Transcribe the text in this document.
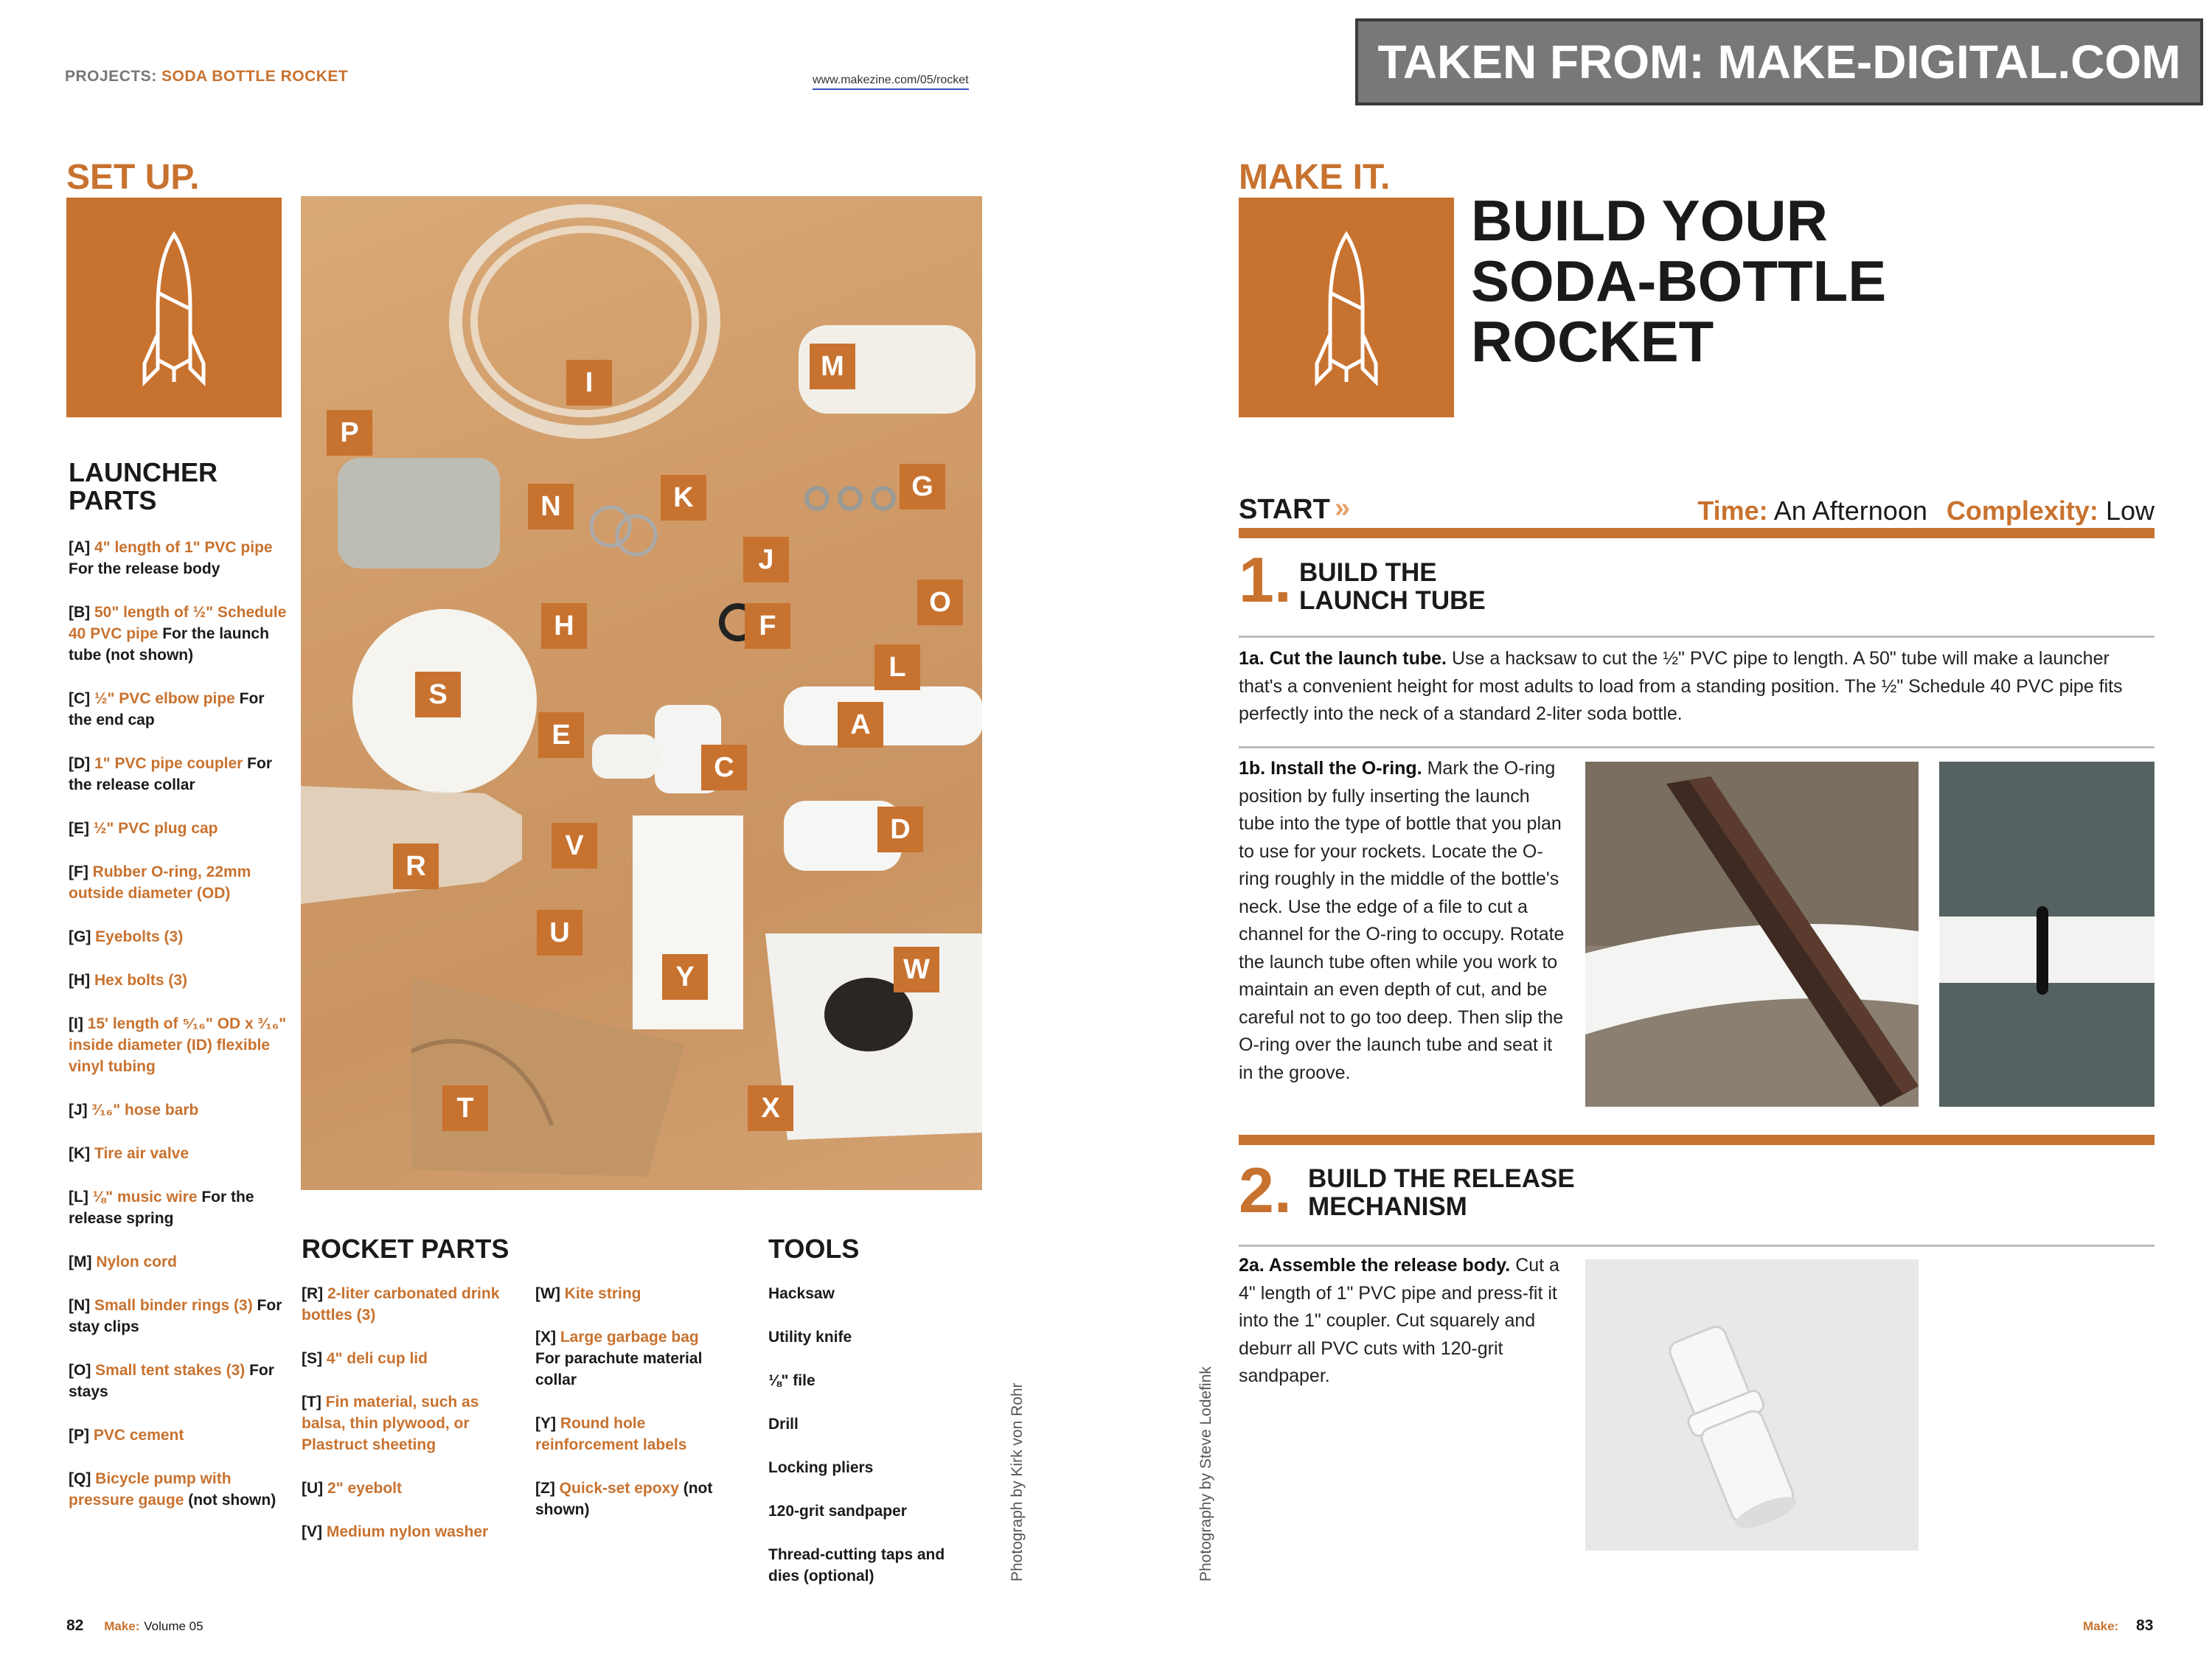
PROJECTS: SODA BOTTLE ROCKET	www.makezine.com/05/rocket	TAKEN FROM: MAKE-DIGITAL.COM
SET UP.
LAUNCHER
PARTS
[A] 4" length of 1" PVC pipe For the release body
[B] 50" length of ½" Schedule 40 PVC pipe For the launch tube (not shown)
[C] ½" PVC elbow pipe For the end cap
[D] 1" PVC pipe coupler For the release collar
[E] ½" PVC plug cap
[F] Rubber O-ring, 22mm outside diameter (OD)
[G] Eyebolts (3)
[H] Hex bolts (3)
[I] 15' length of ⁵⁄₁₆" OD x ³⁄₁₆" inside diameter (ID) flexible vinyl tubing
[J] ³⁄₁₆" hose barb
[K] Tire air valve
[L] ⅛" music wire For the release spring
[M] Nylon cord
[N] Small binder rings (3) For stay clips
[O] Small tent stakes (3) For stays
[P] PVC cement
[Q] Bicycle pump with pressure gauge (not shown)
I
M
P
N	K	G
J
O
H	F
L
S
A
E
C
D
V
R
U
Y	W
T	X
ROCKET PARTS
[R] 2-liter carbonated drink bottles (3)
[S] 4" deli cup lid
[T] Fin material, such as balsa, thin plywood, or Plastruct sheeting
[U] 2" eyebolt
[V] Medium nylon washer
[W] Kite string
[X] Large garbage bag For parachute material collar
[Y] Round hole reinforcement labels
[Z] Quick-set epoxy (not shown)
TOOLS
Hacksaw
Utility knife
⅛" file
Drill
Locking pliers
120-grit sandpaper
Thread-cutting taps and dies (optional)	Photograph by Kirk von Rohr
82 Make: Volume 05
MAKE IT.
BUILD YOUR
SODA-BOTTLE
ROCKET
START »	Time: An Afternoon Complexity: Low
1. BUILD THE
LAUNCH TUBE
1a. Cut the launch tube. Use a hacksaw to cut the ½" PVC pipe to length. A 50" tube will make a launcher that's a convenient height for most adults to load from a standing position. The ½" Schedule 40 PVC pipe fits perfectly into the neck of a standard 2-liter soda bottle.
1b. Install the O-ring. Mark the O-ring position by fully inserting the launch tube into the type of bottle that you plan to use for your rockets. Locate the O-ring roughly in the middle of the bottle's neck. Use the edge of a file to cut a channel for the O-ring to occupy. Rotate the launch tube often while you work to maintain an even depth of cut, and be careful not to go too deep. Then slip the O-ring over the launch tube and seat it in the groove.
2. BUILD THE RELEASE
MECHANISM
2a. Assemble the release body. Cut a 4" length of 1" PVC pipe and press-fit it into the 1" coupler. Cut squarely and deburr all PVC cuts with 120-grit sandpaper.
Photography by Steve Lodefink
Make: 83
